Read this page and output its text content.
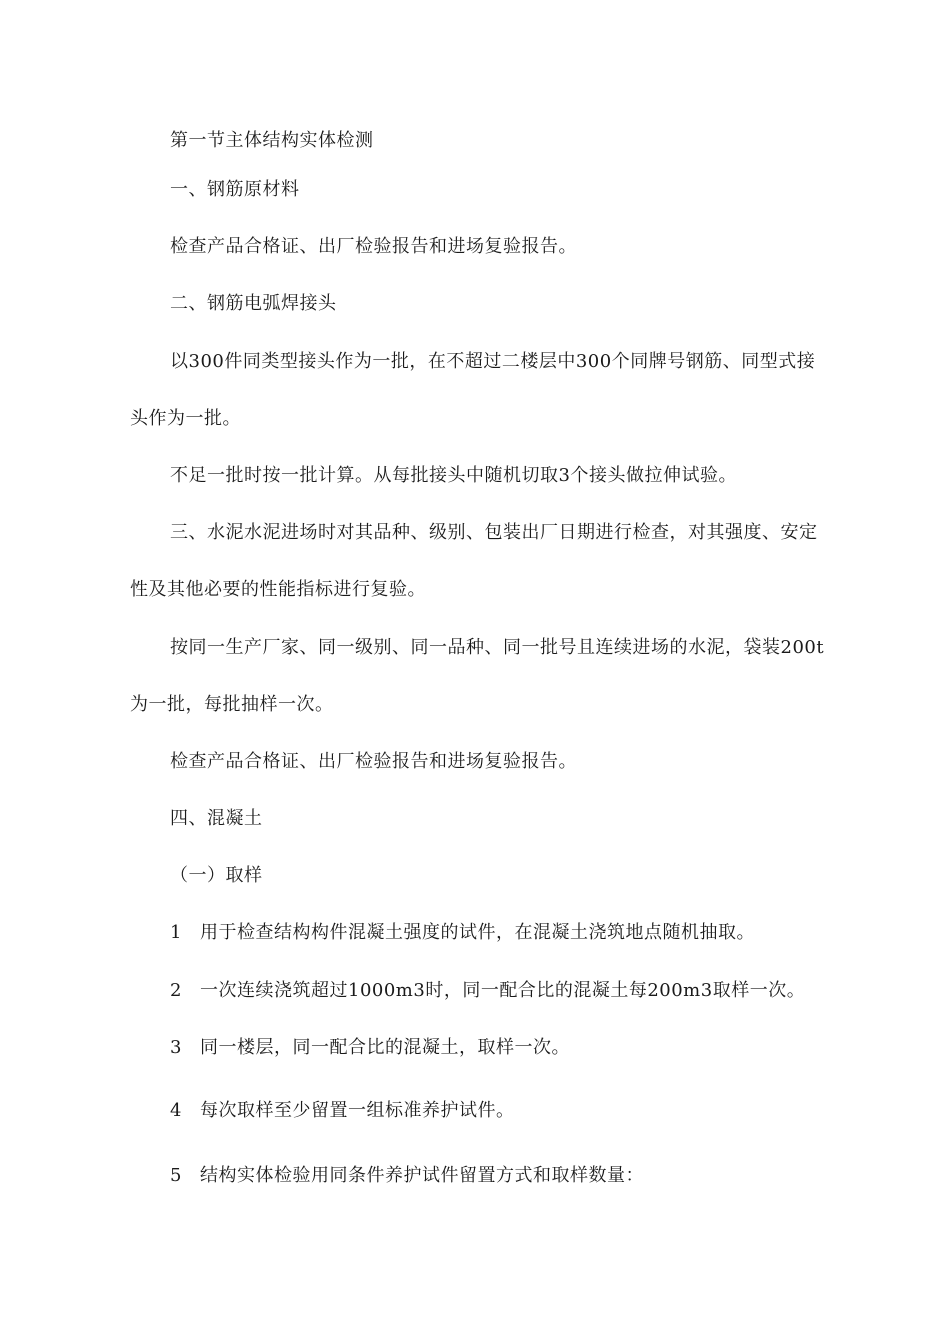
第一节主体结构实体检测
一、钢筋原材料
检查产品合格证、出厂检验报告和进场复验报告。
二、钢筋电弧焊接头
以300件同类型接头作为一批，在不超过二楼层中300个同牌号钢筋、同型式接
头作为一批。
不足一批时按一批计算。从每批接头中随机切取3个接头做拉伸试验。
三、水泥水泥进场时对其品种、级别、包装出厂日期进行检查，对其强度、安定
性及其他必要的性能指标进行复验。
按同一生产厂家、同一级别、同一品种、同一批号且连续进场的水泥，袋装200t
为一批，每批抽样一次。
检查产品合格证、出厂检验报告和进场复验报告。
四、混凝土
（一）取样
1 用于检查结构构件混凝土强度的试件，在混凝土浇筑地点随机抽取。
2 一次连续浇筑超过1000m3时，同一配合比的混凝土每200m3取样一次。
3 同一楼层，同一配合比的混凝土，取样一次。
4 每次取样至少留置一组标准养护试件。
5 结构实体检验用同条件养护试件留置方式和取样数量：
